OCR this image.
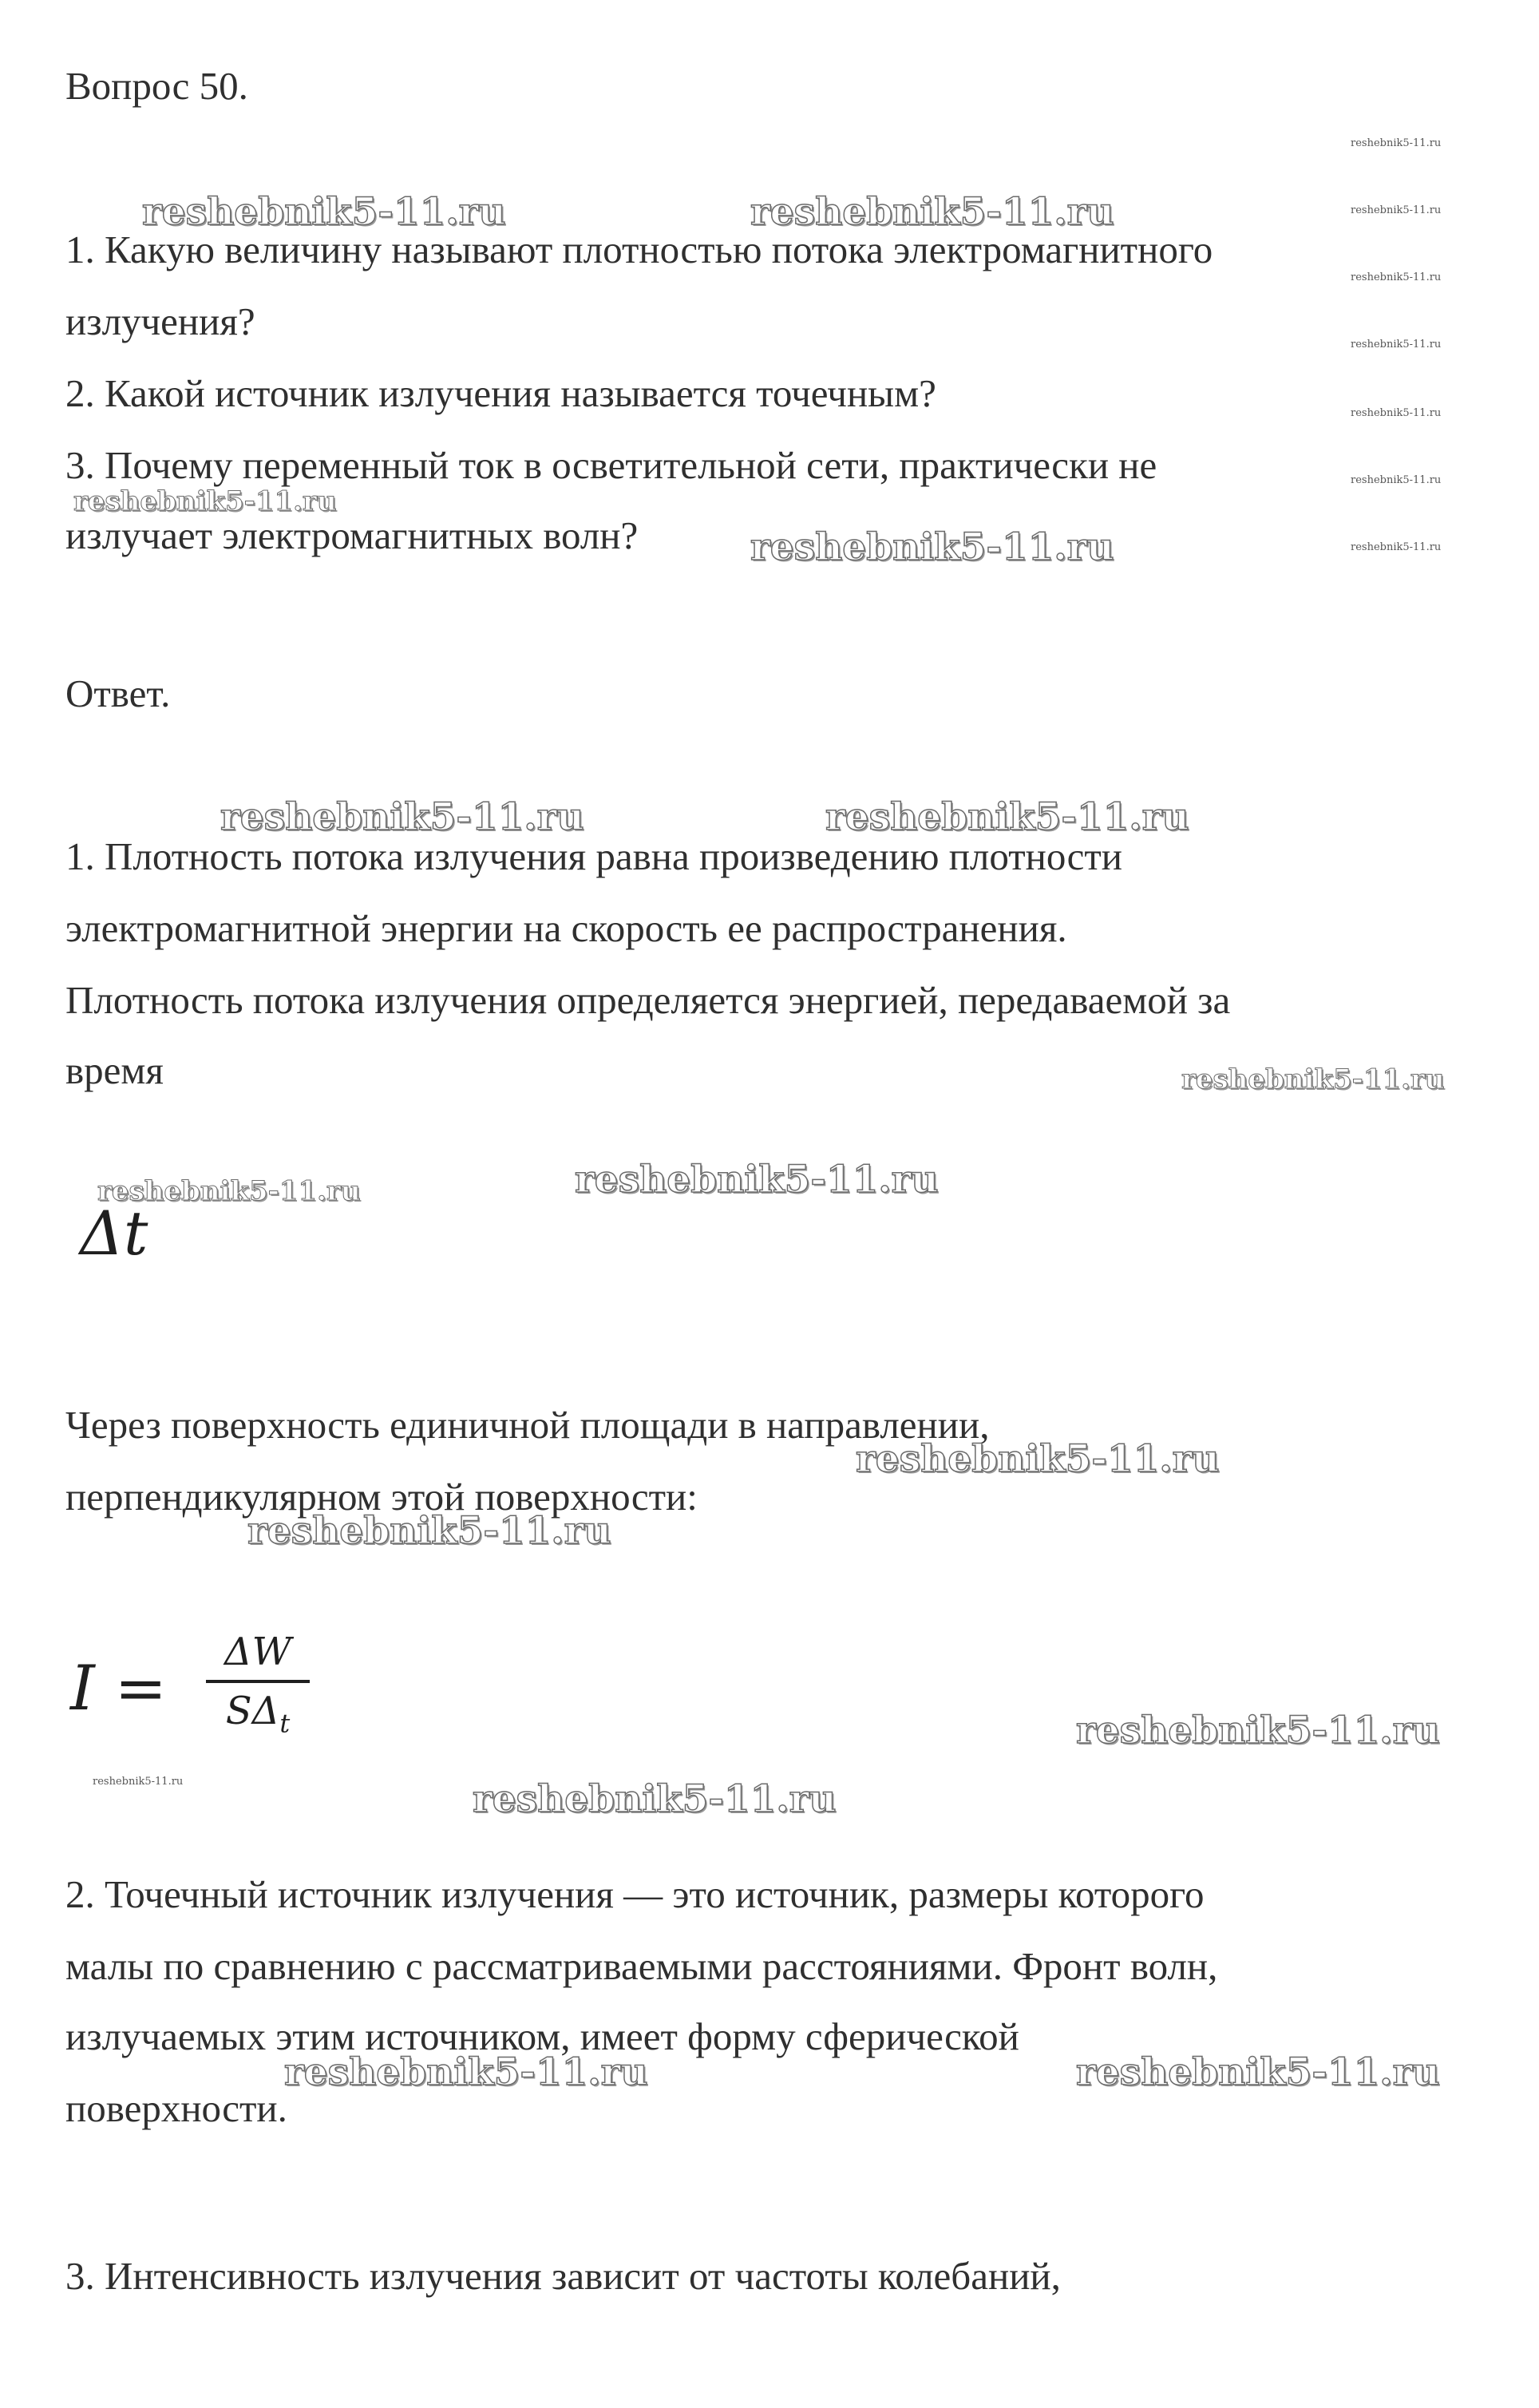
Вопрос 50.

1. Какую величину называют плотностью потока электромагнитного

излучения?

2. Какой источник излучения называется точечным?

3. Почему переменный ток в осветительной сети, практически не

излучает электромагнитных волн?

Ответ.

1. Плотность потока излучения равна произведению плотности

электромагнитной энергии на скорость ее распространения.

Плотность потока излучения определяется энергией, передаваемой за

время

Δt

Через поверхность единичной площади в направлении,

перпендикулярном этой поверхности:

I =
ΔW
$S\Delta_t$

2. Точечный источник излучения — это источник, размеры которого

малы по сравнению с рассматриваемыми расстояниями. Фронт волн,

излучаемых этим источником, имеет форму сферической

поверхности.

3. Интенсивность излучения зависит от частоты колебаний,

reshebnik5-11.ru	reshebnik5-11.ru
reshebnik5-11.ru
reshebnik5-11.ru
reshebnik5-11.ru	reshebnik5-11.ru
reshebnik5-11.ru
reshebnik5-11.ru	reshebnik5-11.ru
reshebnik5-11.ru
reshebnik5-11.ru
reshebnik5-11.ru
reshebnik5-11.ru
reshebnik5-11.ru	reshebnik5-11.ru
reshebnik5-11.ru
reshebnik5-11.ru
reshebnik5-11.ru
reshebnik5-11.ru
reshebnik5-11.ru
reshebnik5-11.ru
reshebnik5-11.ru
reshebnik5-11.ru
